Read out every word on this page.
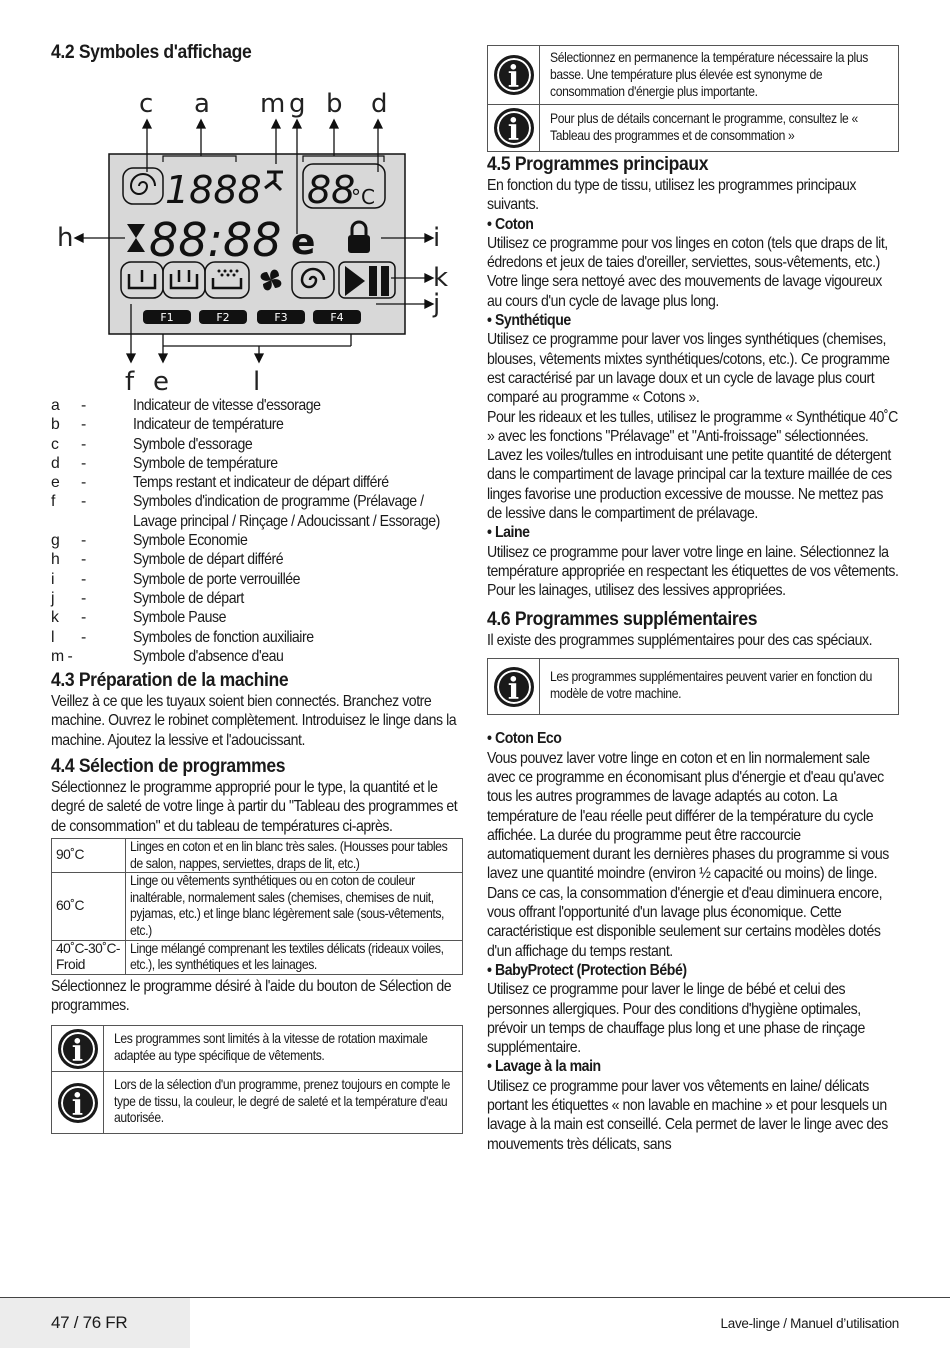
4.2 Symboles d'affichage
c a m g b d
h	i
k
j
f e	l
1888 88
°C
88:88 e
F1	F2	F3	F4
a	-	Indicateur de vitesse d'essorage
b	-	Indicateur de température
c	-	Symbole d'essorage
d	-	Symbole de température
e	-	Temps restant et indicateur de départ différé
f	-	Symboles d'indication de programme (Prélavage / Lavage principal / Rinçage / Adoucissant / Essorage)
g	-	Symbole Economie
h	-	Symbole de départ différé
i	-	Symbole de porte verrouillée
j	-	Symbole de départ
k	-	Symbole Pause
l	-	Symboles de fonction auxiliaire
m -	Symbole d'absence d'eau
4.3 Préparation de la machine
Veillez à ce que les tuyaux soient bien connectés. Branchez votre machine. Ouvrez le robinet complètement. Introduisez le linge dans la machine. Ajoutez la lessive et l'adoucissant.
4.4 Sélection de programmes
Sélectionnez le programme approprié pour le type, la quantité et le degré de saleté de votre linge à partir du "Tableau des programmes et de consommation" et du tableau de températures ci-après.
90˚C	Linges en coton et en lin blanc très sales. (Housses pour tables de salon, nappes, serviettes, draps de lit, etc.)

60˚C	Linge ou vêtements synthétiques ou en coton de couleur inaltérable, normalement sales (chemises, chemises de nuit, pyjamas, etc.) et linge blanc légèrement sale (sous-vêtements, etc.)

40˚C-30˚C- Froid	Linge mélangé comprenant les textiles délicats (rideaux voiles, etc.), les synthétiques et les lainages.
Sélectionnez le programme désiré à l'aide du bouton de Sélection de programmes.
i	Les programmes sont limités à la vitesse de rotation maximale adaptée au type spécifique de vêtements.
i
Lors de la sélection d'un programme, prenez toujours en compte le type de tissu, la couleur, le degré de saleté et la température d'eau autorisée.
i
Sélectionnez en permanence la température nécessaire la plus basse. Une température plus élevée est synonyme de consommation d'énergie plus importante.
i	Pour plus de détails concernant le programme, consultez le « Tableau des programmes et de consommation »
4.5 Programmes principaux
En fonction du type de tissu, utilisez les programmes principaux suivants.
• Coton
Utilisez ce programme pour vos linges en coton (tels que draps de lit, édredons et jeux de taies d'oreiller, serviettes, sous-vêtements, etc.) Votre linge sera nettoyé avec des mouvements de lavage vigoureux au cours d'un cycle de lavage plus long.
• Synthétique
Utilisez ce programme pour laver vos linges synthétiques (chemises, blouses, vêtements mixtes synthétiques/cotons, etc.). Ce programme est caractérisé par un lavage doux et un cycle de lavage plus court comparé au programme « Cotons ».
Pour les rideaux et les tulles, utilisez le programme « Synthétique 40˚C » avec les fonctions "Prélavage" et "Anti-froissage" sélectionnées. Lavez les voiles/tulles en introduisant une petite quantité de détergent dans le compartiment de lavage principal car la texture maillée de ces linges favorise une production excessive de mousse. Ne mettez pas de lessive dans le compartiment de prélavage.
• Laine
Utilisez ce programme pour laver votre linge en laine. Sélectionnez la température appropriée en respectant les étiquettes de vos vêtements. Pour les lainages, utilisez des lessives appropriées.
4.6 Programmes supplémentaires
Il existe des programmes supplémentaires pour des cas spéciaux.
i	Les programmes supplémentaires peuvent varier en fonction du modèle de votre machine.
• Coton Eco
Vous pouvez laver votre linge en coton et en lin normalement sale avec ce programme en économisant plus d'énergie et d'eau qu'avec tous les autres programmes de lavage adaptés au coton. La température de l'eau réelle peut différer de la température du cycle affichée. La durée du programme peut être raccourcie automatiquement durant les dernières phases du programme si vous lavez une quantité moindre (environ ½ capacité ou moins) de linge. Dans ce cas, la consommation d'énergie et d'eau diminuera encore, vous offrant l'opportunité d'un lavage plus économique. Cette caractéristique est disponible seulement sur certains modèles dotés d'un affichage du temps restant.
• BabyProtect (Protection Bébé)
Utilisez ce programme pour laver le linge de bébé et celui des personnes allergiques. Pour des conditions d'hygiène optimales, prévoir un temps de chauffage plus long et une phase de rinçage supplémentaire.
• Lavage à la main
Utilisez ce programme pour laver vos vêtements en laine/ délicats portant les étiquettes « non lavable en machine » et pour lesquels un lavage à la main est conseillé. Cela permet de laver le linge avec des mouvements très délicats, sans
47 / 76 FR	Lave-linge / Manuel d’utilisation
